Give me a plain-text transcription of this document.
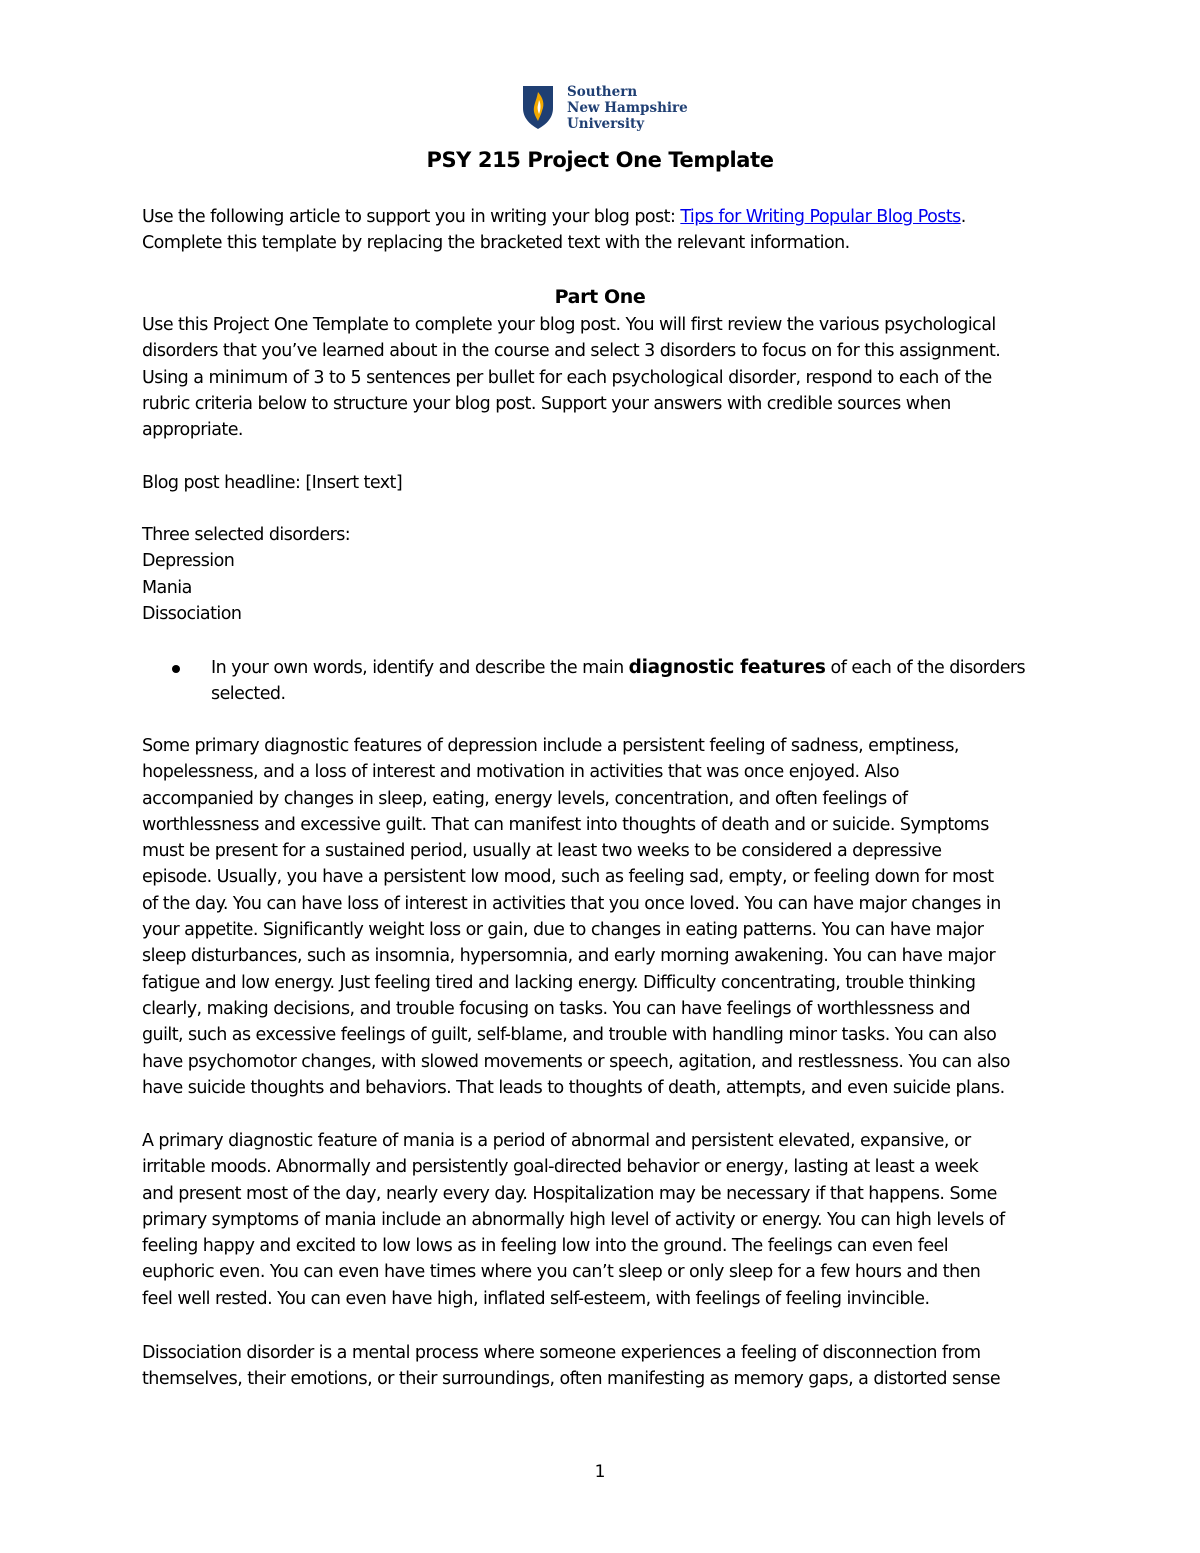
Southern
New Hampshire
University
PSY 215 Project One Template
Use the following article to support you in writing your blog post: Tips for Writing Popular Blog Posts.
Complete this template by replacing the bracketed text with the relevant information.
Part One
Use this Project One Template to complete your blog post. You will first review the various psychological
disorders that you’ve learned about in the course and select 3 disorders to focus on for this assignment.
Using a minimum of 3 to 5 sentences per bullet for each psychological disorder, respond to each of the
rubric criteria below to structure your blog post. Support your answers with credible sources when
appropriate.
Blog post headline: [Insert text]
Three selected disorders:
Depression
Mania
Dissociation
In your own words, identify and describe the main diagnostic features of each of the disorders
selected.
Some primary diagnostic features of depression include a persistent feeling of sadness, emptiness,
hopelessness, and a loss of interest and motivation in activities that was once enjoyed. Also
accompanied by changes in sleep, eating, energy levels, concentration, and often feelings of
worthlessness and excessive guilt. That can manifest into thoughts of death and or suicide. Symptoms
must be present for a sustained period, usually at least two weeks to be considered a depressive
episode. Usually, you have a persistent low mood, such as feeling sad, empty, or feeling down for most
of the day. You can have loss of interest in activities that you once loved. You can have major changes in
your appetite. Significantly weight loss or gain, due to changes in eating patterns. You can have major
sleep disturbances, such as insomnia, hypersomnia, and early morning awakening. You can have major
fatigue and low energy. Just feeling tired and lacking energy. Difficulty concentrating, trouble thinking
clearly, making decisions, and trouble focusing on tasks. You can have feelings of worthlessness and
guilt, such as excessive feelings of guilt, self-blame, and trouble with handling minor tasks. You can also
have psychomotor changes, with slowed movements or speech, agitation, and restlessness. You can also
have suicide thoughts and behaviors. That leads to thoughts of death, attempts, and even suicide plans.
A primary diagnostic feature of mania is a period of abnormal and persistent elevated, expansive, or
irritable moods. Abnormally and persistently goal-directed behavior or energy, lasting at least a week
and present most of the day, nearly every day. Hospitalization may be necessary if that happens. Some
primary symptoms of mania include an abnormally high level of activity or energy. You can high levels of
feeling happy and excited to low lows as in feeling low into the ground. The feelings can even feel
euphoric even. You can even have times where you can’t sleep or only sleep for a few hours and then
feel well rested. You can even have high, inflated self-esteem, with feelings of feeling invincible.
Dissociation disorder is a mental process where someone experiences a feeling of disconnection from
themselves, their emotions, or their surroundings, often manifesting as memory gaps, a distorted sense
1
